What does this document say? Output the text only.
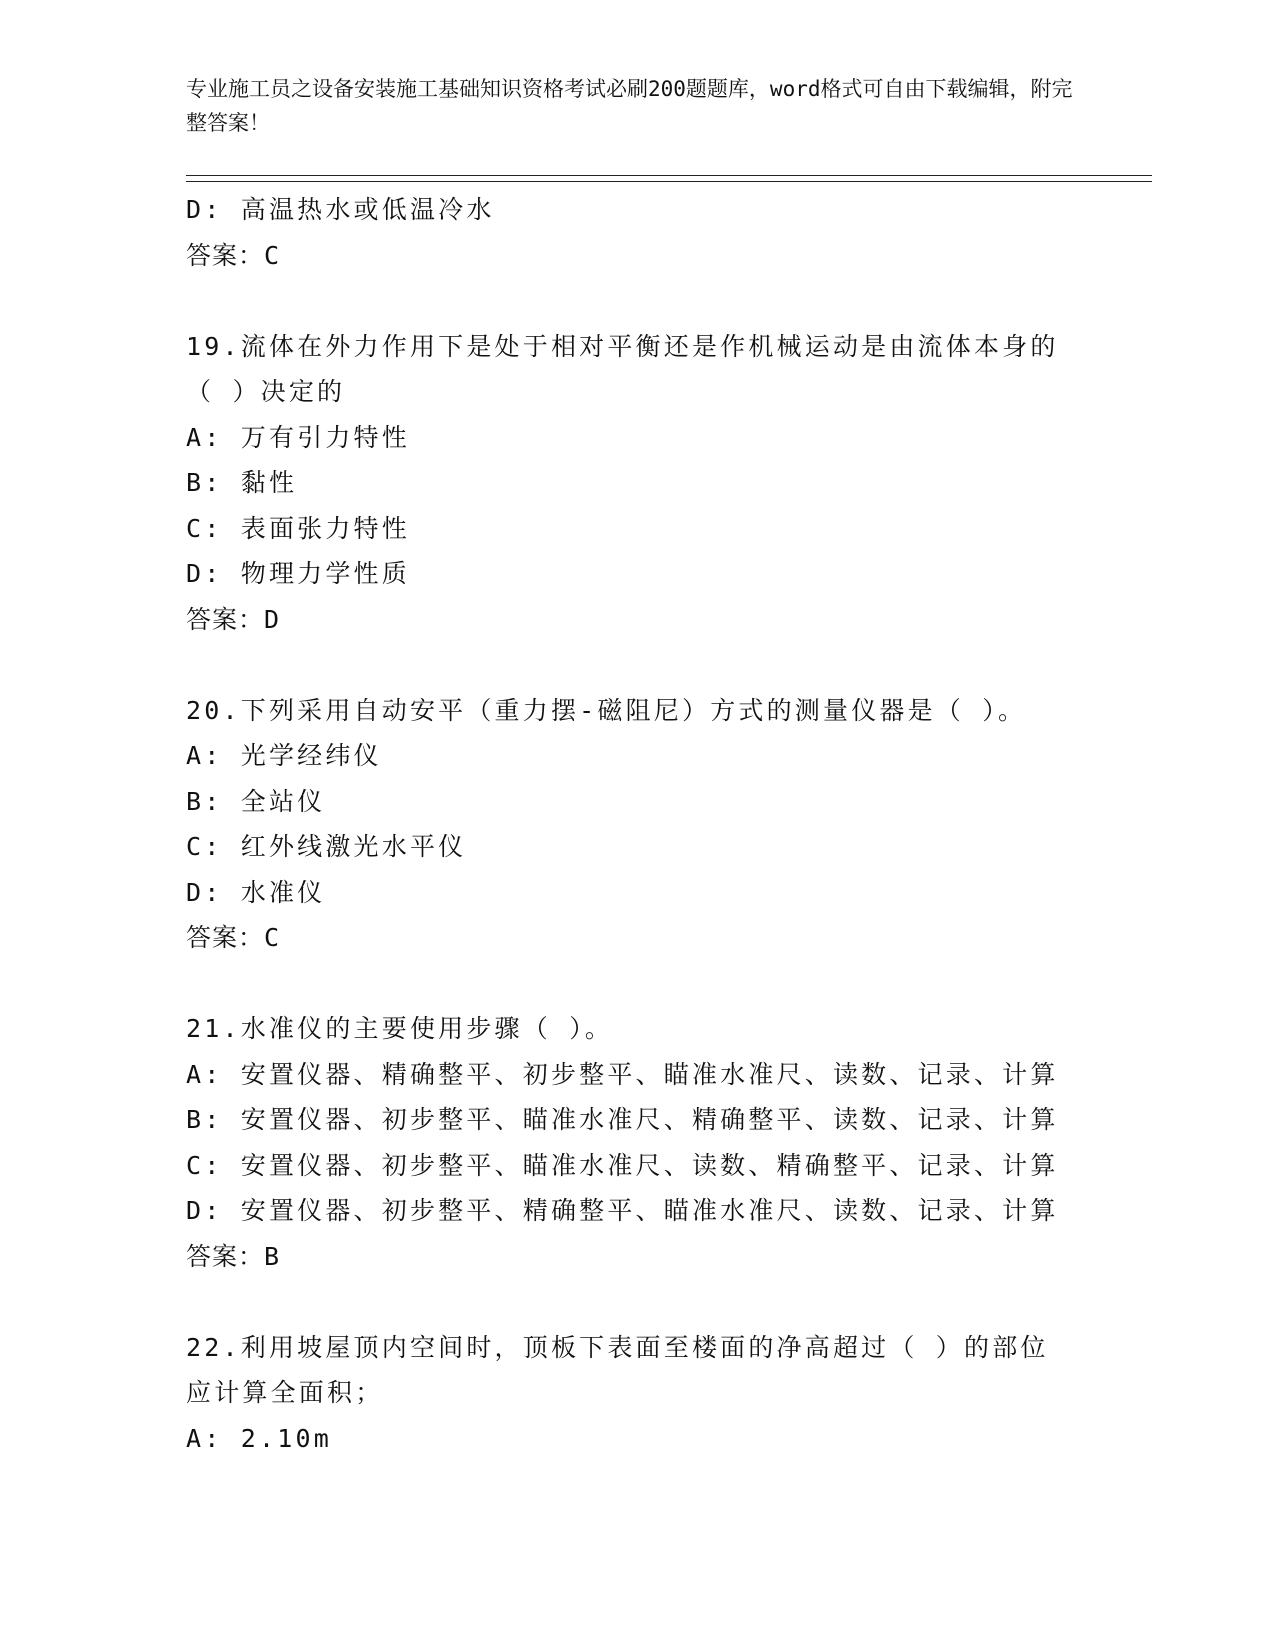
专业施工员之设备安装施工基础知识资格考试必刷200题题库，word格式可自由下载编辑，附完整答案！
D: 高温热水或低温冷水
答案：C
19.流体在外力作用下是处于相对平衡还是作机械运动是由流体本身的
（ ）决定的
A: 万有引力特性
B: 黏性
C: 表面张力特性
D: 物理力学性质
答案：D
20.下列采用自动安平（重力摆-磁阻尼）方式的测量仪器是（ ）。
A: 光学经纬仪
B: 全站仪
C: 红外线激光水平仪
D: 水准仪
答案：C
21.水准仪的主要使用步骤（ ）。
A: 安置仪器、精确整平、初步整平、瞄准水准尺、读数、记录、计算
B: 安置仪器、初步整平、瞄准水准尺、精确整平、读数、记录、计算
C: 安置仪器、初步整平、瞄准水准尺、读数、精确整平、记录、计算
D: 安置仪器、初步整平、精确整平、瞄准水准尺、读数、记录、计算
答案：B
22.利用坡屋顶内空间时，顶板下表面至楼面的净高超过（ ）的部位
应计算全面积；
A: 2.10m
